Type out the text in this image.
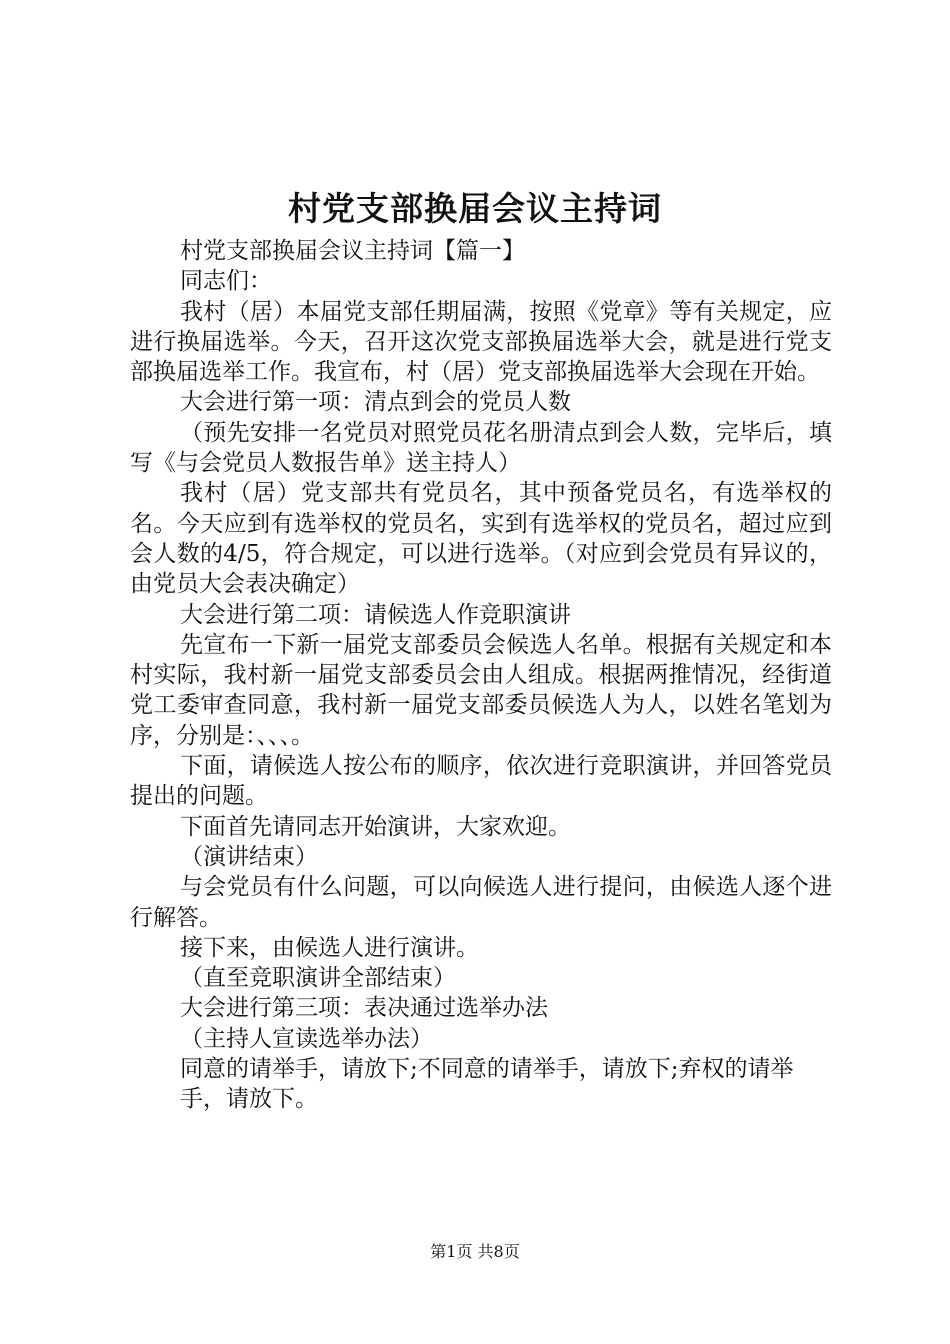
村党支部换届会议主持词

村党支部换届会议主持词【篇一】

同志们：

我村（居）本届党支部任期届满，按照《党章》等有关规定，应进行换届选举。今天，召开这次党支部换届选举大会，就是进行党支部换届选举工作。我宣布，村（居）党支部换届选举大会现在开始。

大会进行第一项：清点到会的党员人数

（预先安排一名党员对照党员花名册清点到会人数，完毕后，填写《与会党员人数报告单》送主持人）

我村（居）党支部共有党员名，其中预备党员名，有选举权的名。今天应到有选举权的党员名，实到有选举权的党员名，超过应到会人数的4/5，符合规定，可以进行选举。（对应到会党员有异议的，由党员大会表决确定）

大会进行第二项：请候选人作竞职演讲

先宣布一下新一届党支部委员会候选人名单。根据有关规定和本村实际，我村新一届党支部委员会由人组成。根据两推情况，经街道党工委审查同意，我村新一届党支部委员候选人为人，以姓名笔划为序，分别是：、、、。

下面，请候选人按公布的顺序，依次进行竞职演讲，并回答党员提出的问题。

下面首先请同志开始演讲，大家欢迎。

（演讲结束）

与会党员有什么问题，可以向候选人进行提问，由候选人逐个进行解答。

接下来，由候选人进行演讲。

（直至竞职演讲全部结束）

大会进行第三项：表决通过选举办法

（主持人宣读选举办法）

同意的请举手，请放下;不同意的请举手，请放下;弃权的请举

手，请放下。

第1页 共8页
